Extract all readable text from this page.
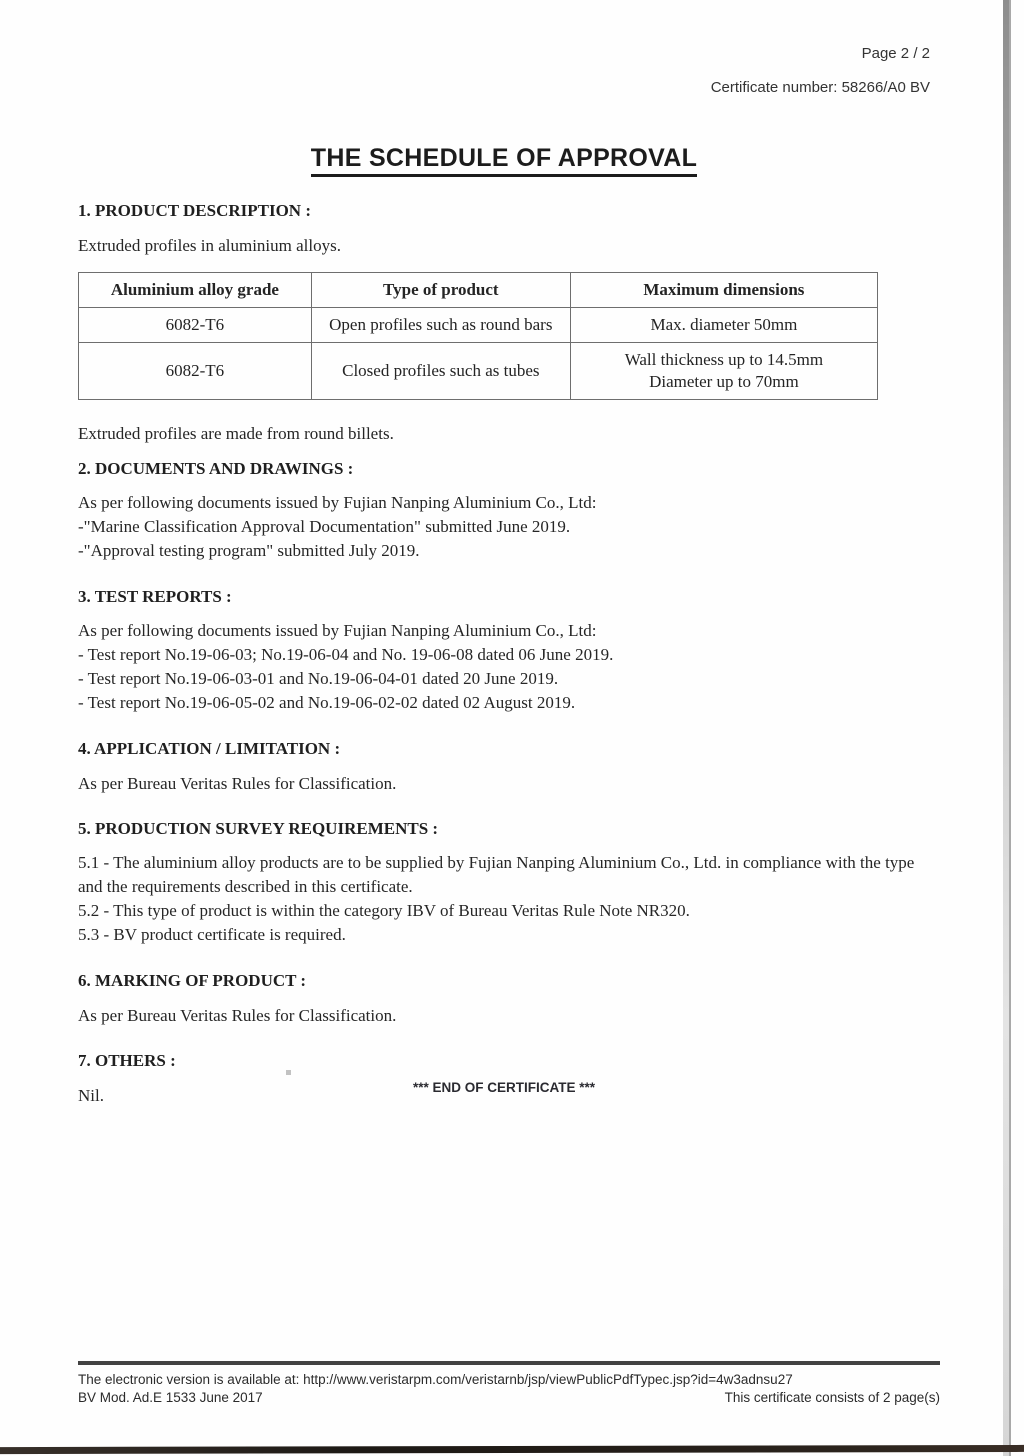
Page 2 / 2
Certificate number: 58266/A0 BV
THE SCHEDULE OF APPROVAL
1. PRODUCT DESCRIPTION :

Extruded profiles in aluminium alloys.

Aluminium alloy grade	Type of product	Maximum dimensions
6082-T6	Open profiles such as round bars	Max. diameter 50mm

6082-T6	Closed profiles such as tubes	Wall thickness up to 14.5mm
Diameter up to 70mm

Extruded profiles are made from round billets.

2. DOCUMENTS AND DRAWINGS :
As per following documents issued by Fujian Nanping Aluminium Co., Ltd:
-"Marine Classification Approval Documentation" submitted June 2019.
-"Approval testing program" submitted July 2019.
3. TEST REPORTS :
As per following documents issued by Fujian Nanping Aluminium Co., Ltd:
- Test report No.19-06-03; No.19-06-04 and No. 19-06-08 dated 06 June 2019.
- Test report No.19-06-03-01 and No.19-06-04-01 dated 20 June 2019.
- Test report No.19-06-05-02 and No.19-06-02-02 dated 02 August 2019.
4. APPLICATION / LIMITATION :

As per Bureau Veritas Rules for Classification.

5. PRODUCTION SURVEY REQUIREMENTS :
5.1 - The aluminium alloy products are to be supplied by Fujian Nanping Aluminium Co., Ltd. in compliance with the type and the requirements described in this certificate.
5.2 - This type of product is within the category IBV of Bureau Veritas Rule Note NR320.
5.3 - BV product certificate is required.
6. MARKING OF PRODUCT :

As per Bureau Veritas Rules for Classification.

7. OTHERS :

Nil.	*** END OF CERTIFICATE ***
The electronic version is available at: http://www.veristarpm.com/veristarnb/jsp/viewPublicPdfTypec.jsp?id=4w3adnsu27
BV Mod. Ad.E 1533 June 2017	This certificate consists of 2 page(s)
